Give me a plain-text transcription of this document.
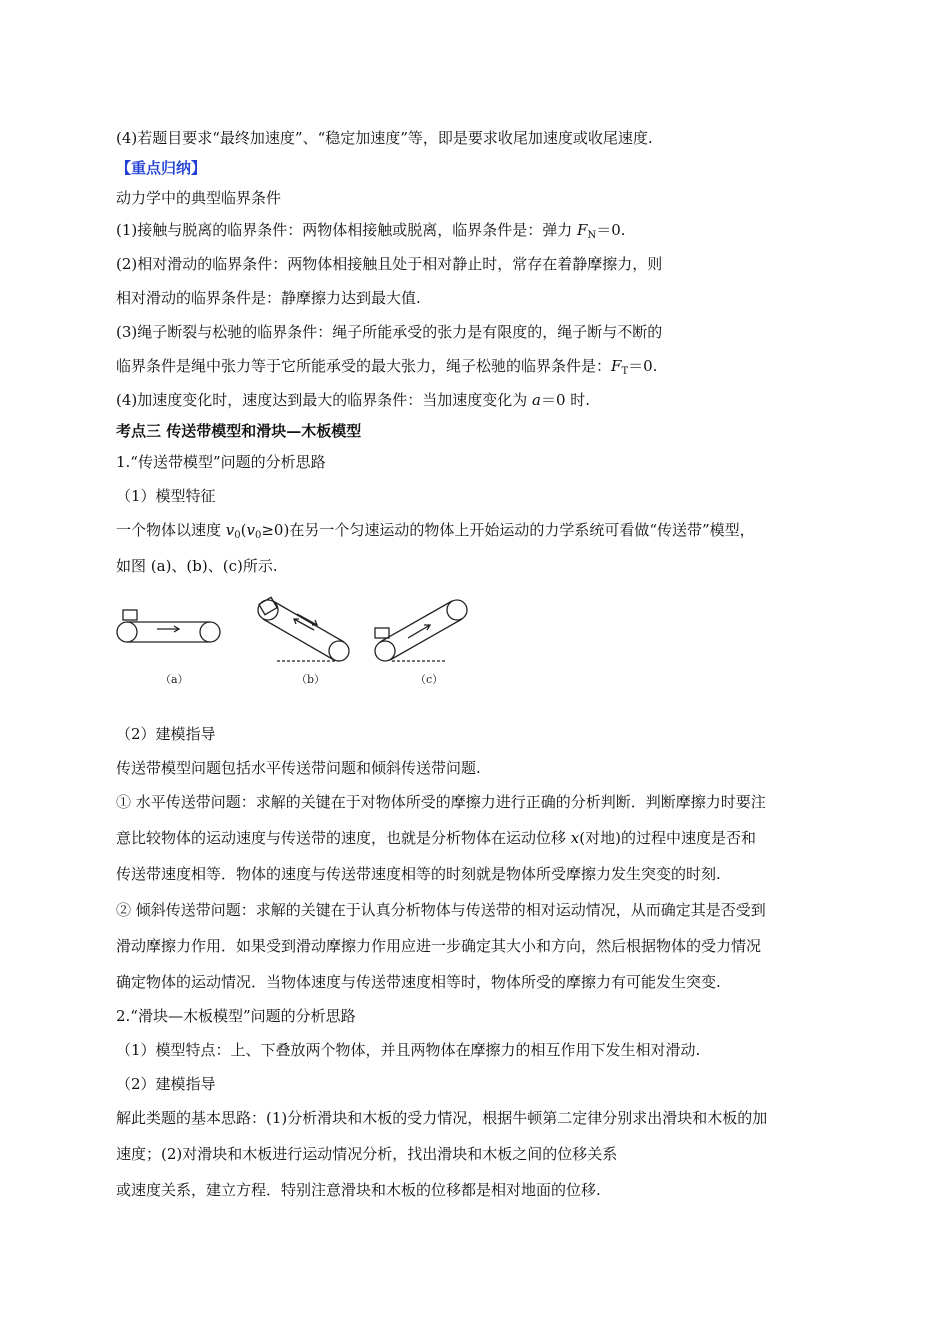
(4)若题目要求“最终加速度”、“稳定加速度”等，即是要求收尾加速度或收尾速度.
【重点归纳】
动力学中的典型临界条件
(1)接触与脱离的临界条件：两物体相接触或脱离，临界条件是：弹力 $F_N=0$.
(2)相对滑动的临界条件：两物体相接触且处于相对静止时，常存在着静摩擦力，则
相对滑动的临界条件是：静摩擦力达到最大值.
(3)绳子断裂与松驰的临界条件：绳子所能承受的张力是有限度的，绳子断与不断的
临界条件是绳中张力等于它所能承受的最大张力，绳子松驰的临界条件是：$F_T=0$.
(4)加速度变化时，速度达到最大的临界条件：当加速度变化为 a＝0 时.
考点三 传送带模型和滑块—木板模型
1.“传送带模型”问题的分析思路
（1）模型特征
一个物体以速度 $v_0(v_0\ge 0)$在另一个匀速运动的物体上开始运动的力学系统可看做“传送带”模型，
如图 (a)、(b)、(c)所示.
（a）	（b）	（c）
（2）建模指导
传送带模型问题包括水平传送带问题和倾斜传送带问题.
① 水平传送带问题：求解的关键在于对物体所受的摩擦力进行正确的分析判断．判断摩擦力时要注
意比较物体的运动速度与传送带的速度，也就是分析物体在运动位移 x(对地)的过程中速度是否和
传送带速度相等．物体的速度与传送带速度相等的时刻就是物体所受摩擦力发生突变的时刻.
② 倾斜传送带问题：求解的关键在于认真分析物体与传送带的相对运动情况，从而确定其是否受到
滑动摩擦力作用．如果受到滑动摩擦力作用应进一步确定其大小和方向，然后根据物体的受力情况
确定物体的运动情况．当物体速度与传送带速度相等时，物体所受的摩擦力有可能发生突变.
2.“滑块—木板模型”问题的分析思路
（1）模型特点：上、下叠放两个物体，并且两物体在摩擦力的相互作用下发生相对滑动.
（2）建模指导
解此类题的基本思路：(1)分析滑块和木板的受力情况，根据牛顿第二定律分别求出滑块和木板的加
速度；(2)对滑块和木板进行运动情况分析，找出滑块和木板之间的位移关系
或速度关系，建立方程．特别注意滑块和木板的位移都是相对地面的位移.
